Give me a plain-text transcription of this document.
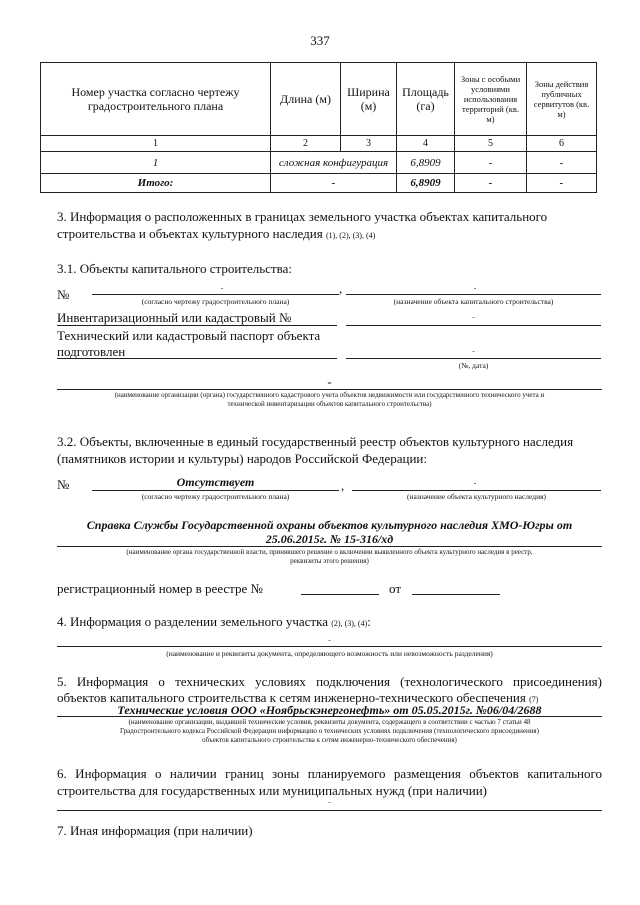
337
Номер участка согласно чертежу градостроительного плана	Длина (м)	Ширина (м)	Площадь (га)	Зоны с особыми условиями использования территорий (кв. м)	Зоны действия публичных сервитутов (кв. м)
1	2	3	4	5	6
1	сложная конфигурация		6,8909	-	-
Итого:	-		6,8909	-	-
3. Информация о расположенных в границах земельного участка объектах капитального
строительства и объектах культурного наследия (1), (2), (3), (4)
3.1. Объекты капитального строительства:
№	-	,	-
(согласно чертежу градостроительного плана)	(назначение объекта капитального строительства)
Инвентаризационный или кадастровый №	-
Технический или кадастровый паспорт объекта
подготовлен	-
(№, дата)
-
(наименование организации (органа) государственного кадастрового учета объектов недвижимости или государственного технического учета и
технической инвентаризации объектов капитального строительства)
3.2. Объекты, включенные в единый государственный реестр объектов культурного наследия
(памятников истории и культуры) народов Российской Федерации:
№	Отсутствует	,	-
(согласно чертежу градостроительного плана)	(назначение объекта культурного наследия)
Справка Службы Государственной охраны объектов культурного наследия ХМО-Югры от
25.06.2015г. № 15-316/хд
(наименование органа государственной власти, принявшего решение о включении выявленного объекта культурного наследия в реестр,
реквизиты этого решения)
регистрационный номер в реестре №	от
4. Информация о разделении земельного участка (2), (3), (4):
-
(наименование и реквизиты документа, определяющего возможность или невозможность разделения)
5. Информация о технических условиях подключения (технологического присоединения)
объектов капитального строительства к сетям инженерно-технического обеспечения (7)
Технические условия ООО «Ноябрьскэнергонефть» от 05.05.2015г. №06/04/2688
(наименование организации, выдавшей технические условия, реквизиты документа, содержащего в соответствии с частью 7 статьи 48
Градостроительного кодекса Российской Федерации информацию о технических условиях подключения (технологического присоединения)
объектов капитального строительства к сетям инженерно-технического обеспечения)
6. Информация о наличии границ зоны планируемого размещения объектов капитального
строительства для государственных или муниципальных нужд (при наличии)
-
7. Иная информация (при наличии)
